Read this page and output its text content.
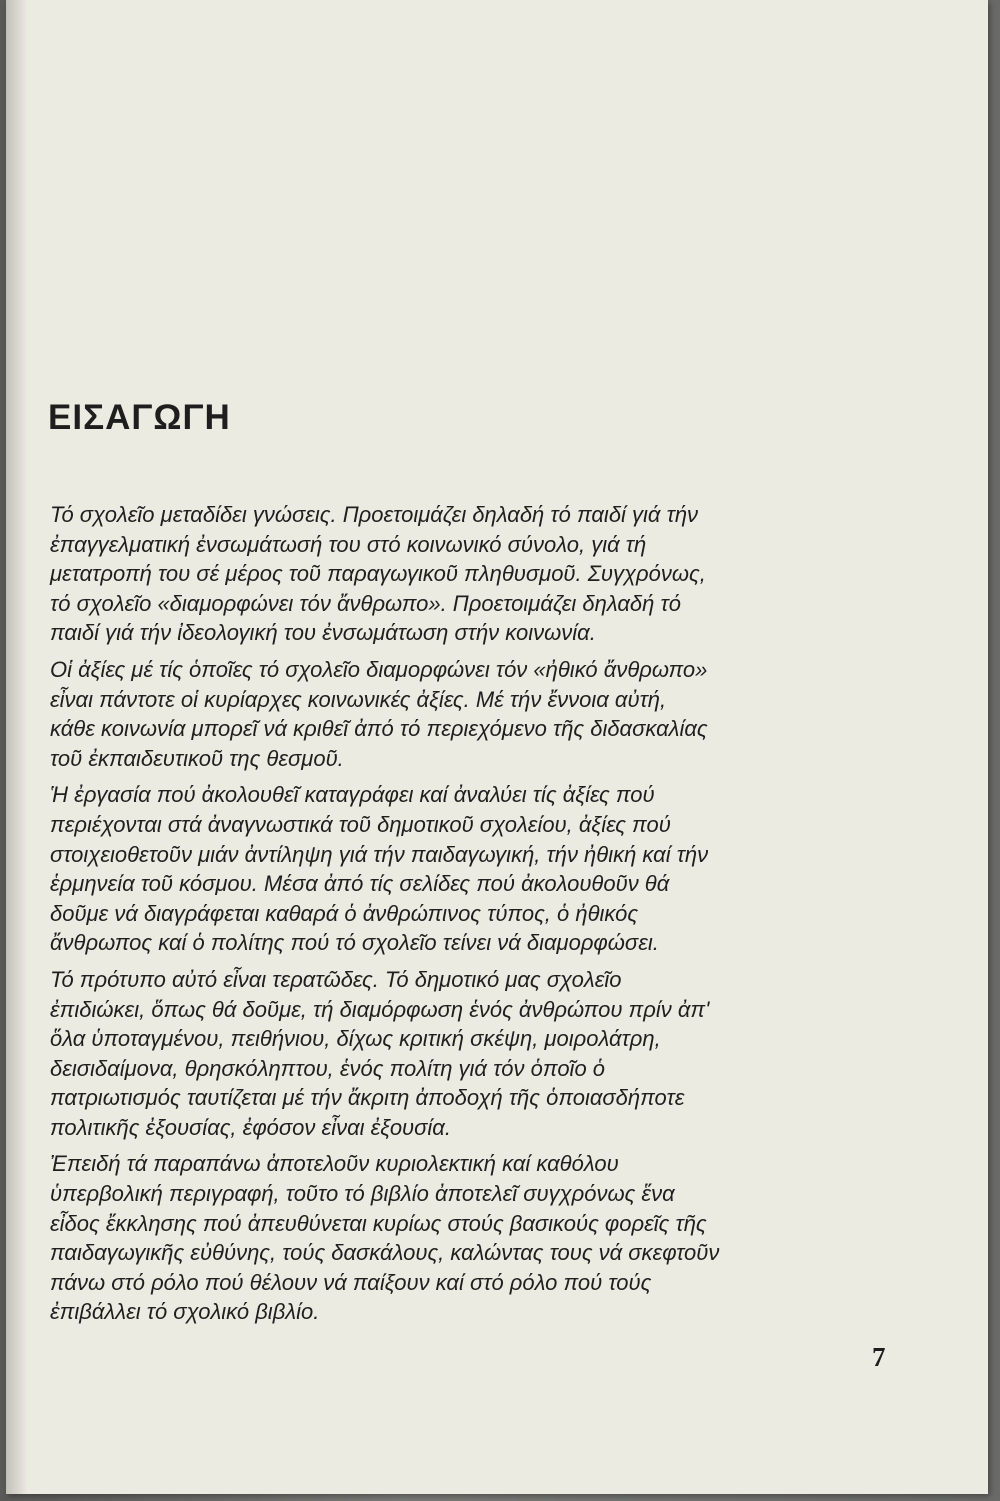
ΕΙΣΑΓΩΓΗ

Τό σχολεῖο μεταδίδει γνώσεις. Προετοιμάζει δηλαδή τό παιδί γιά τήν
ἐπαγγελματική ἐνσωμάτωσή του στό κοινωνικό σύνολο, γιά τή
μετατροπή του σέ μέρος τοῦ παραγωγικοῦ πληθυσμοῦ. Συγχρόνως,
τό σχολεῖο «διαμορφώνει τόν ἄνθρωπο». Προετοιμάζει δηλαδή τό
παιδί γιά τήν ἰδεολογική του ἐνσωμάτωση στήν κοινωνία.

Οἱ ἀξίες μέ τίς ὁποῖες τό σχολεῖο διαμορφώνει τόν «ἠθικό ἄνθρωπο»
εἶναι πάντοτε οἱ κυρίαρχες κοινωνικές ἀξίες. Μέ τήν ἔννοια αὐτή,
κάθε κοινωνία μπορεῖ νά κριθεῖ ἀπό τό περιεχόμενο τῆς διδασκαλίας
τοῦ ἐκπαιδευτικοῦ της θεσμοῦ.

Ἡ ἐργασία πού ἀκολουθεῖ καταγράφει καί ἀναλύει τίς ἀξίες πού
περιέχονται στά ἀναγνωστικά τοῦ δημοτικοῦ σχολείου, ἀξίες πού
στοιχειοθετοῦν μιάν ἀντίληψη γιά τήν παιδαγωγική, τήν ἠθική καί τήν
ἑρμηνεία τοῦ κόσμου. Μέσα ἀπό τίς σελίδες πού ἀκολουθοῦν θά
δοῦμε νά διαγράφεται καθαρά ὁ ἀνθρώπινος τύπος, ὁ ἠθικός
ἄνθρωπος καί ὁ πολίτης πού τό σχολεῖο τείνει νά διαμορφώσει.

Τό πρότυπο αὐτό εἶναι τερατῶδες. Τό δημοτικό μας σχολεῖο
ἐπιδιώκει, ὅπως θά δοῦμε, τή διαμόρφωση ἑνός ἀνθρώπου πρίν ἀπ'
ὅλα ὑποταγμένου, πειθήνιου, δίχως κριτική σκέψη, μοιρολάτρη,
δεισιδαίμονα, θρησκόληπτου, ἑνός πολίτη γιά τόν ὁποῖο ὁ
πατριωτισμός ταυτίζεται μέ τήν ἄκριτη ἀποδοχή τῆς ὁποιασδήποτε
πολιτικῆς ἐξουσίας, ἐφόσον εἶναι ἐξουσία.

Ἐπειδή τά παραπάνω ἀποτελοῦν κυριολεκτική καί καθόλου
ὑπερβολική περιγραφή, τοῦτο τό βιβλίο ἀποτελεῖ συγχρόνως ἕνα
εἶδος ἔκκλησης πού ἀπευθύνεται κυρίως στούς βασικούς φορεῖς τῆς
παιδαγωγικῆς εὐθύνης, τούς δασκάλους, καλώντας τους νά σκεφτοῦν
πάνω στό ρόλο πού θέλουν νά παίξουν καί στό ρόλο πού τούς
ἐπιβάλλει τό σχολικό βιβλίο.

7
